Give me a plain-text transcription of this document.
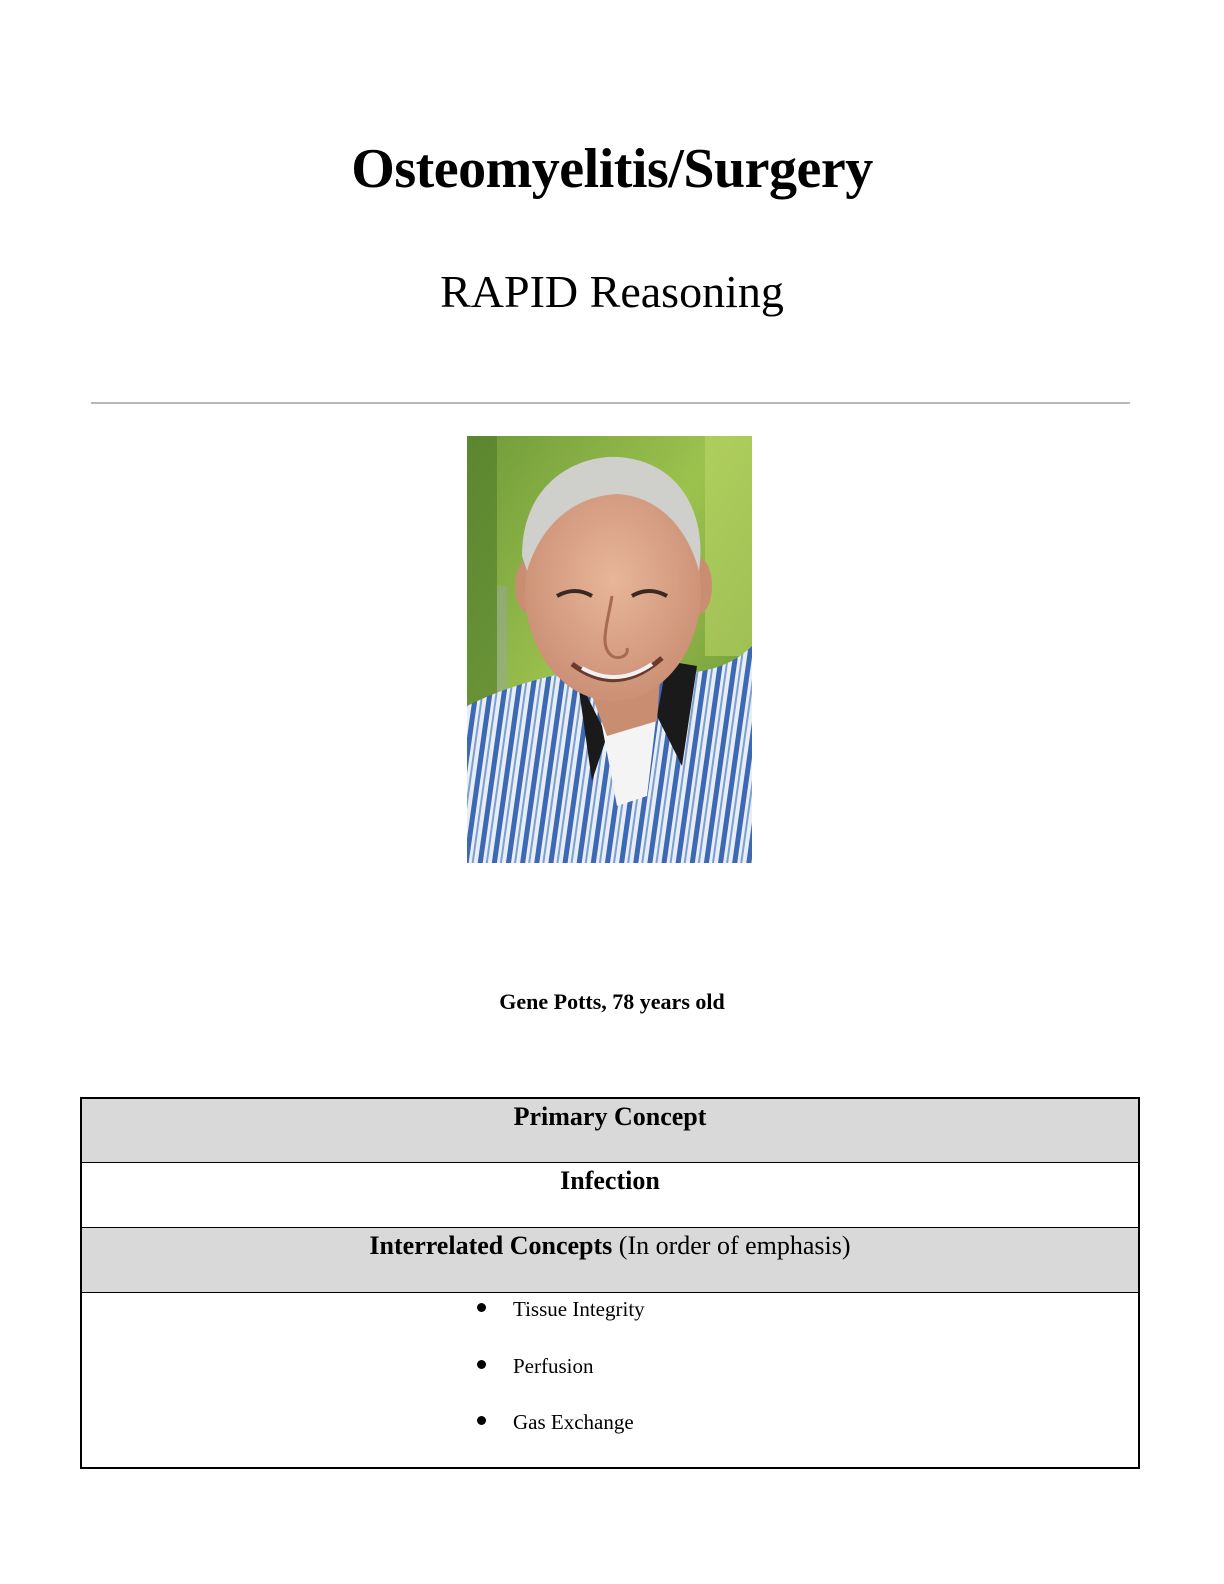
Osteomyelitis/Surgery
RAPID Reasoning
Gene Potts, 78 years old
Primary Concept
Infection
Interrelated Concepts (In order of emphasis)
Tissue Integrity
Perfusion
Gas Exchange
